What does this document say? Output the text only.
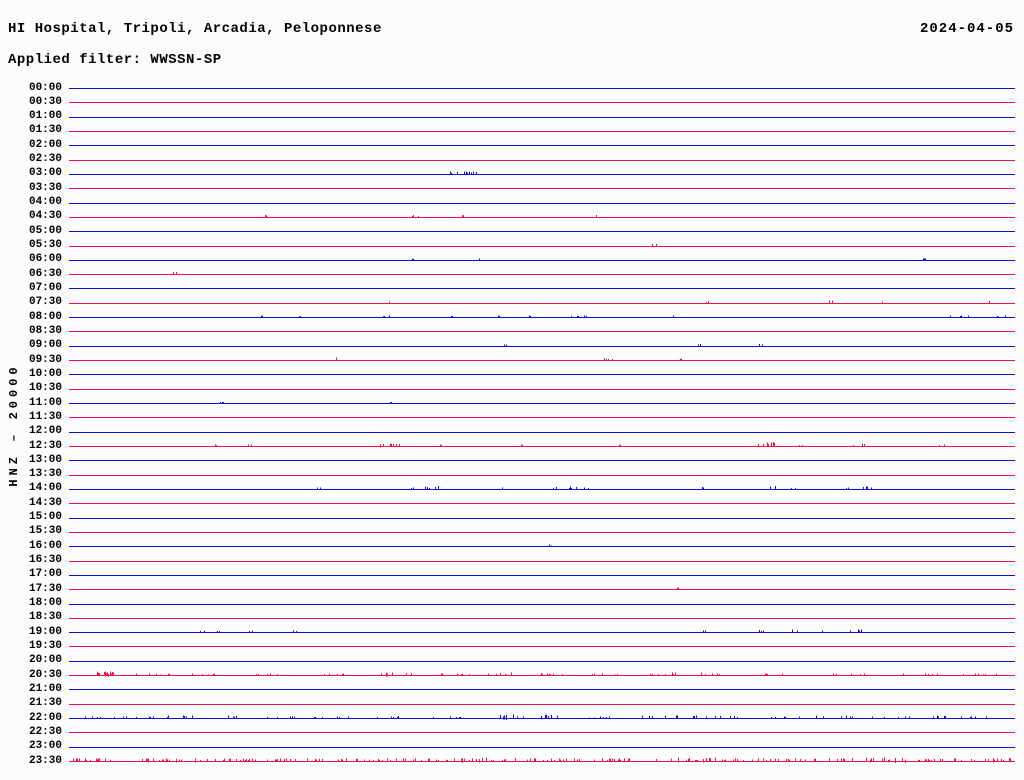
HI Hospital, Tripoli, Arcadia, Peloponnese	2024-04-05
Applied filter: WWSSN-SP
HNZ – 20000
00:00
00:30
01:00
01:30
02:00
02:30
03:00
03:30
04:00
04:30
05:00
05:30
06:00
06:30
07:00
07:30
08:00
08:30
09:00
09:30
10:00
10:30
11:00
11:30
12:00
12:30
13:00
13:30
14:00
14:30
15:00
15:30
16:00
16:30
17:00
17:30
18:00
18:30
19:00
19:30
20:00
20:30
21:00
21:30
22:00
22:30
23:00
23:30
